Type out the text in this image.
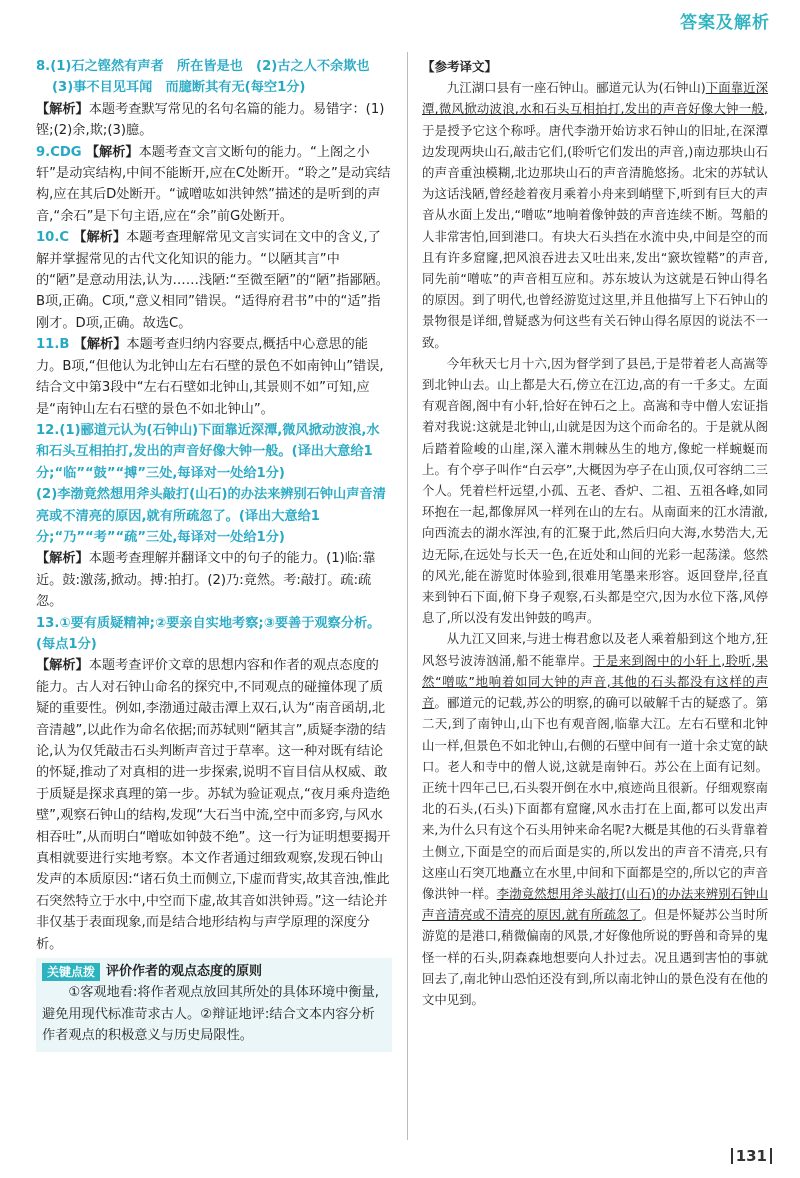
答案及解析
8.(1)石之铿然有声者　所在皆是也　(2)古之人不余欺也
(3)事不目见耳闻　而臆断其有无(每空1分)
【解析】本题考查默写常见的名句名篇的能力。易错字：(1)铿;(2)余,欺;(3)臆。
9.CDG 【解析】本题考查文言文断句的能力。“上阁之小轩”是动宾结构,中间不能断开,应在C处断开。“聆之”是动宾结构,应在其后D处断开。“诚噌吰如洪钟然”描述的是听到的声音,“余石”是下句主语,应在“余”前G处断开。
10.C 【解析】本题考查理解常见文言实词在文中的含义,了解并掌握常见的古代文化知识的能力。“以陋其言”中的“陋”是意动用法,认为……浅陋:“至微至陋”的“陋”指鄙陋。B项,正确。C项,“意义相同”错误。“适得府君书”中的“适”指刚才。D项,正确。故选C。
11.B 【解析】本题考查归纳内容要点,概括中心意思的能力。B项,“但他认为北钟山左右石壁的景色不如南钟山”错误,结合文中第3段中“左右石壁如北钟山,其景则不如”可知,应是“南钟山左右石壁的景色不如北钟山”。
12.(1)郦道元认为(石钟山)下面靠近深潭,微风掀动波浪,水和石头互相拍打,发出的声音好像大钟一般。(译出大意给1分;“临”“鼓”“搏”三处,每译对一处给1分)
(2)李渤竟然想用斧头敲打(山石)的办法来辨别石钟山声音清亮或不清亮的原因,就有所疏忽了。(译出大意给1分;“乃”“考”“疏”三处,每译对一处给1分)
【解析】本题考查理解并翻译文中的句子的能力。(1)临:靠近。鼓:激荡,掀动。搏:拍打。(2)乃:竟然。考:敲打。疏:疏忽。
13.①要有质疑精神;②要亲自实地考察;③要善于观察分析。(每点1分)
【解析】本题考查评价文章的思想内容和作者的观点态度的能力。古人对石钟山命名的探究中,不同观点的碰撞体现了质疑的重要性。例如,李渤通过敲击潭上双石,认为“南音函胡,北音清越”,以此作为命名依据;而苏轼则“陋其言”,质疑李渤的结论,认为仅凭敲击石头判断声音过于草率。这一种对既有结论的怀疑,推动了对真相的进一步探索,说明不盲目信从权威、敢于质疑是探求真理的第一步。苏轼为验证观点,“夜月乘舟造绝壁”,观察石钟山的结构,发现“大石当中流,空中而多窍,与风水相吞吐”,从而明白“噌吰如钟鼓不绝”。这一行为证明想要揭开真相就要进行实地考察。本文作者通过细致观察,发现石钟山发声的本质原因:“诸石负土而侧立,下虚而背实,故其音浊,惟此石突然特立于水中,中空而下虚,故其音如洪钟焉。”这一结论并非仅基于表面现象,而是结合地形结构与声学原理的深度分析。
关键点拨 评价作者的观点态度的原则

①客观地看:将作者观点放回其所处的具体环境中衡量,避免用现代标准苛求古人。②辩证地评:结合文本内容分析作者观点的积极意义与历史局限性。

【参考译文】

九江湖口县有一座石钟山。郦道元认为(石钟山)下面靠近深潭,微风掀动波浪,水和石头互相拍打,发出的声音好像大钟一般,于是授予它这个称呼。唐代李渤开始访求石钟山的旧址,在深潭边发现两块山石,敲击它们,(聆听它们发出的声音,)南边那块山石的声音重浊模糊,北边那块山石的声音清脆悠扬。北宋的苏轼认为这话浅陋,曾经趁着夜月乘着小舟来到峭壁下,听到有巨大的声音从水面上发出,“噌吰”地响着像钟鼓的声音连续不断。驾船的人非常害怕,回到港口。有块大石头挡在水流中央,中间是空的而且有许多窟窿,把风浪吞进去又吐出来,发出“窾坎镗鞳”的声音,同先前“噌吰”的声音相互应和。苏东坡认为这就是石钟山得名的原因。到了明代,也曾经游览过这里,并且他描写上下石钟山的景物很是详细,曾疑惑为何这些有关石钟山得名原因的说法不一致。

今年秋天七月十六,因为督学到了县邑,于是带着老人高嵩等到北钟山去。山上都是大石,傍立在江边,高的有一千多丈。左面有观音阁,阁中有小轩,恰好在钟石之上。高嵩和寺中僧人宏证指着对我说:这就是北钟山,山就是因为这个而命名的。于是就从阁后踏着险峻的山崖,深入灌木荆棘丛生的地方,像蛇一样蜿蜒而上。有个亭子叫作“白云亭”,大概因为亭子在山顶,仅可容纳二三个人。凭着栏杆远望,小孤、五老、香炉、二祖、五祖各峰,如同环抱在一起,都像屏风一样列在山的左右。从南面来的江水清澈,向西流去的湖水浑浊,有的汇聚于此,然后归向大海,水势浩大,无边无际,在远处与长天一色,在近处和山间的光彩一起荡漾。悠然的风光,能在游览时体验到,很难用笔墨来形容。返回登岸,径直来到钟石下面,俯下身子观察,石头都是空穴,因为水位下落,风停息了,所以没有发出钟鼓的鸣声。

从九江又回来,与进士梅君愈以及老人乘着船到这个地方,狂风怒号波涛汹涌,船不能靠岸。于是来到阁中的小轩上,聆听,果然“噌吰”地响着如同大钟的声音,其他的石头都没有这样的声音。郦道元的记载,苏公的明察,的确可以破解千古的疑惑了。第二天,到了南钟山,山下也有观音阁,临靠大江。左右石壁和北钟山一样,但景色不如北钟山,右侧的石壁中间有一道十余丈宽的缺口。老人和寺中的僧人说,这就是南钟石。苏公在上面有记刻。正统十四年己巳,石头裂开倒在水中,痕迹尚且很新。仔细观察南北的石头,(石头)下面都有窟窿,风水击打在上面,都可以发出声来,为什么只有这个石头用钟来命名呢?大概是其他的石头背靠着土侧立,下面是空的而后面是实的,所以发出的声音不清亮,只有这座山石突兀地矗立在水里,中间和下面都是空的,所以它的声音像洪钟一样。李渤竟然想用斧头敲打(山石)的办法来辨别石钟山声音清亮或不清亮的原因,就有所疏忽了。但是怀疑苏公当时所游览的是港口,稍微偏南的风景,才好像他所说的野兽和奇异的鬼怪一样的石头,阴森森地想要向人扑过去。况且遇到害怕的事就回去了,南北钟山恐怕还没有到,所以南北钟山的景色没有在他的文中见到。

131
